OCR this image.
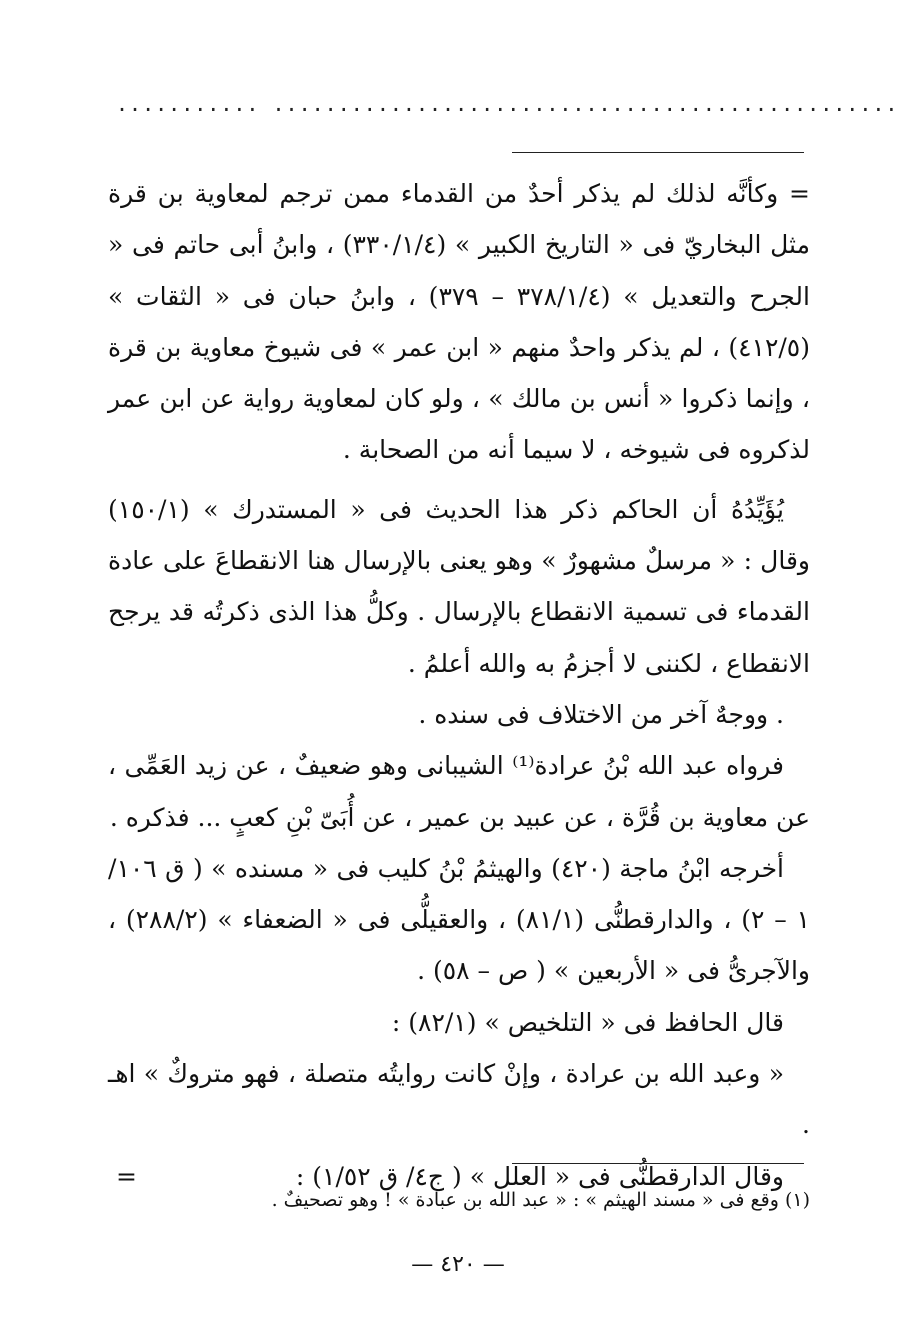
........... ................................................

= وكأنَّه لذلك لم يذكر أحدٌ من القدماء ممن ترجم لمعاوية بن قرة مثل البخاريّ فى « التاريخ الكبير » (٣٣٠/١/٤) ، وابنُ أبى حاتم فى « الجرح والتعديل » (٣٧٨/١/٤ – ٣٧٩) ، وابنُ حبان فى « الثقات » (٤١٢/٥) ، لم يذكر واحدٌ منهم « ابن عمر » فى شيوخ معاوية بن قرة ، وإنما ذكروا « أنس بن مالك » ، ولو كان لمعاوية رواية عن ابن عمر لذكروه فى شيوخه ، لا سيما أنه من الصحابة .

يُؤَيِّدُهُ أن الحاكم ذكر هذا الحديث فى « المستدرك » (١٥٠/١) وقال : « مرسلٌ مشهورٌ » وهو يعنى بالإرسال هنا الانقطاعَ على عادة القدماء فى تسمية الانقطاع بالإرسال . وكلُّ هذا الذى ذكرتُه قد يرجح الانقطاع ، لكننى لا أجزمُ به والله أعلمُ .

. ووجهٌ آخر من الاختلاف فى سنده .

فرواه عبد الله بْنُ عرادة⁽¹⁾ الشيبانى وهو ضعيفٌ ، عن زيد العَمِّى ، عن معاوية بن قُرَّة ، عن عبيد بن عمير ، عن أُبَىّ بْنِ كعبٍ ... فذكره .

أخرجه ابْنُ ماجة (٤٢٠) والهيثمُ بْنُ كليب فى « مسنده » ( ق ١٠٦/ ١ – ٢) ، والدارقطنُّى (٨١/١) ، والعقيلُّى فى « الضعفاء » (٢٨٨/٢) ، والآجرىُّ فى « الأربعين » ( ص – ٥٨) .

قال الحافظ فى « التلخيص » (٨٢/١) :

« وعبد الله بن عرادة ، وإنْ كانت روايتُه متصلة ، فهو متروكٌ » اهـ .

وقال الدارقطنُّى فى « العلل » ( ج٤/ ق ١/٥٢) :
=

(١) وقع فى « مسند الهيثم » : « عبد الله بن عبادة » ! وهو تصحيفٌ .
— ٤٢٠ —
